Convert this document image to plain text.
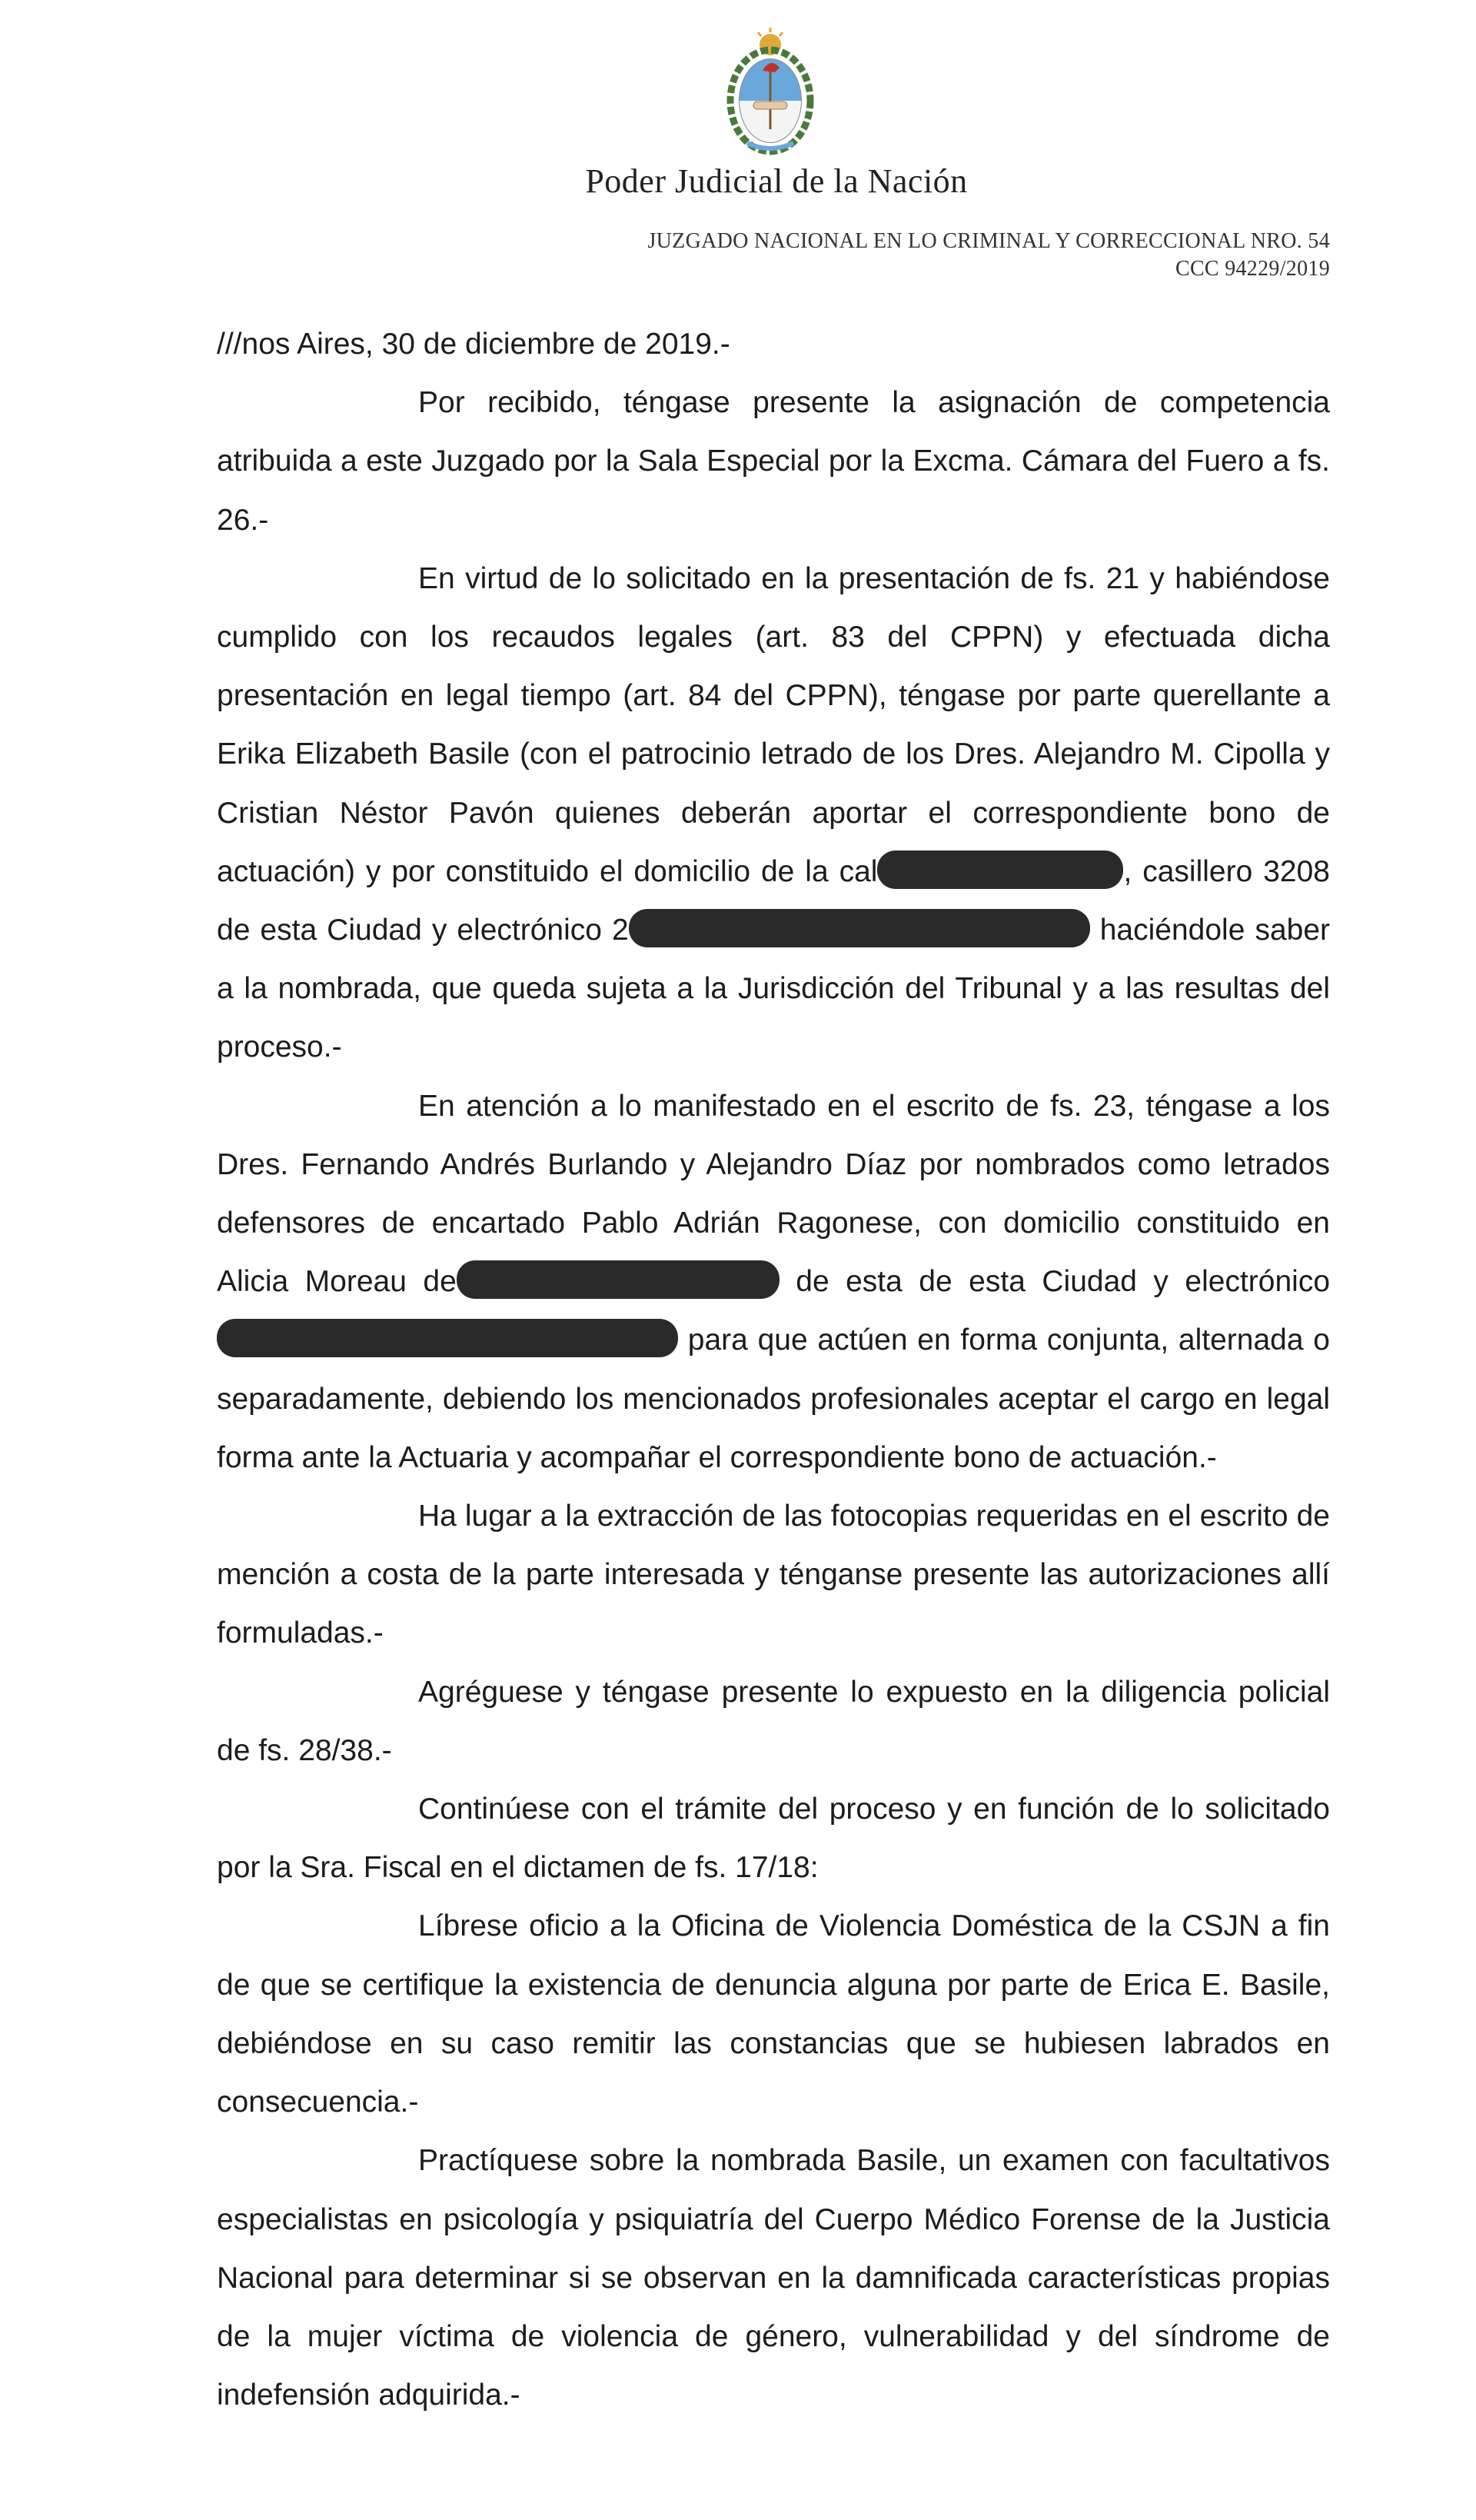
Poder Judicial de la Nación
JUZGADO NACIONAL EN LO CRIMINAL Y CORRECCIONAL NRO. 54
CCC 94229/2019
///nos Aires, 30 de diciembre de 2019.-
Por recibido, téngase presente la asignación de competencia atribuida a este Juzgado por la Sala Especial por la Excma. Cámara del Fuero a fs. 26.-
En virtud de lo solicitado en la presentación de fs. 21 y habiéndose cumplido con los recaudos legales (art. 83 del CPPN) y efectuada dicha presentación en legal tiempo (art. 84 del CPPN), téngase por parte querellante a Erika Elizabeth Basile (con el patrocinio letrado de los Dres. Alejandro M. Cipolla y Cristian Néstor Pavón quienes deberán aportar el correspondiente bono de actuación) y por constituido el domicilio de la cal	, casillero 3208 de esta Ciudad y electrónico 2	haciéndole saber a la nombrada, que queda sujeta a la Jurisdicción del Tribunal y a las resultas del proceso.-
En atención a lo manifestado en el escrito de fs. 23, téngase a los Dres. Fernando Andrés Burlando y Alejandro Díaz por nombrados como letrados defensores de encartado Pablo Adrián Ragonese, con domicilio constituido en Alicia Moreau de	de esta de esta Ciudad y electrónico  para que actúen en forma conjunta, alternada o separadamente, debiendo los mencionados profesionales aceptar el cargo en legal forma ante la Actuaria y acompañar el correspondiente bono de actuación.-
Ha lugar a la extracción de las fotocopias requeridas en el escrito de mención a costa de la parte interesada y ténganse presente las autorizaciones allí formuladas.-
Agréguese y téngase presente lo expuesto en la diligencia policial de fs. 28/38.-
Continúese con el trámite del proceso y en función de lo solicitado por la Sra. Fiscal en el dictamen de fs. 17/18:
Líbrese oficio a la Oficina de Violencia Doméstica de la CSJN a fin de que se certifique la existencia de denuncia alguna por parte de Erica E. Basile, debiéndose en su caso remitir las constancias que se hubiesen labrados en consecuencia.-
Practíquese sobre la nombrada Basile, un examen con facultativos especialistas en psicología y psiquiatría del Cuerpo Médico Forense de la Justicia Nacional para determinar si se observan en la damnificada características propias de la mujer víctima de violencia de género, vulnerabilidad y del síndrome de indefensión adquirida.-
